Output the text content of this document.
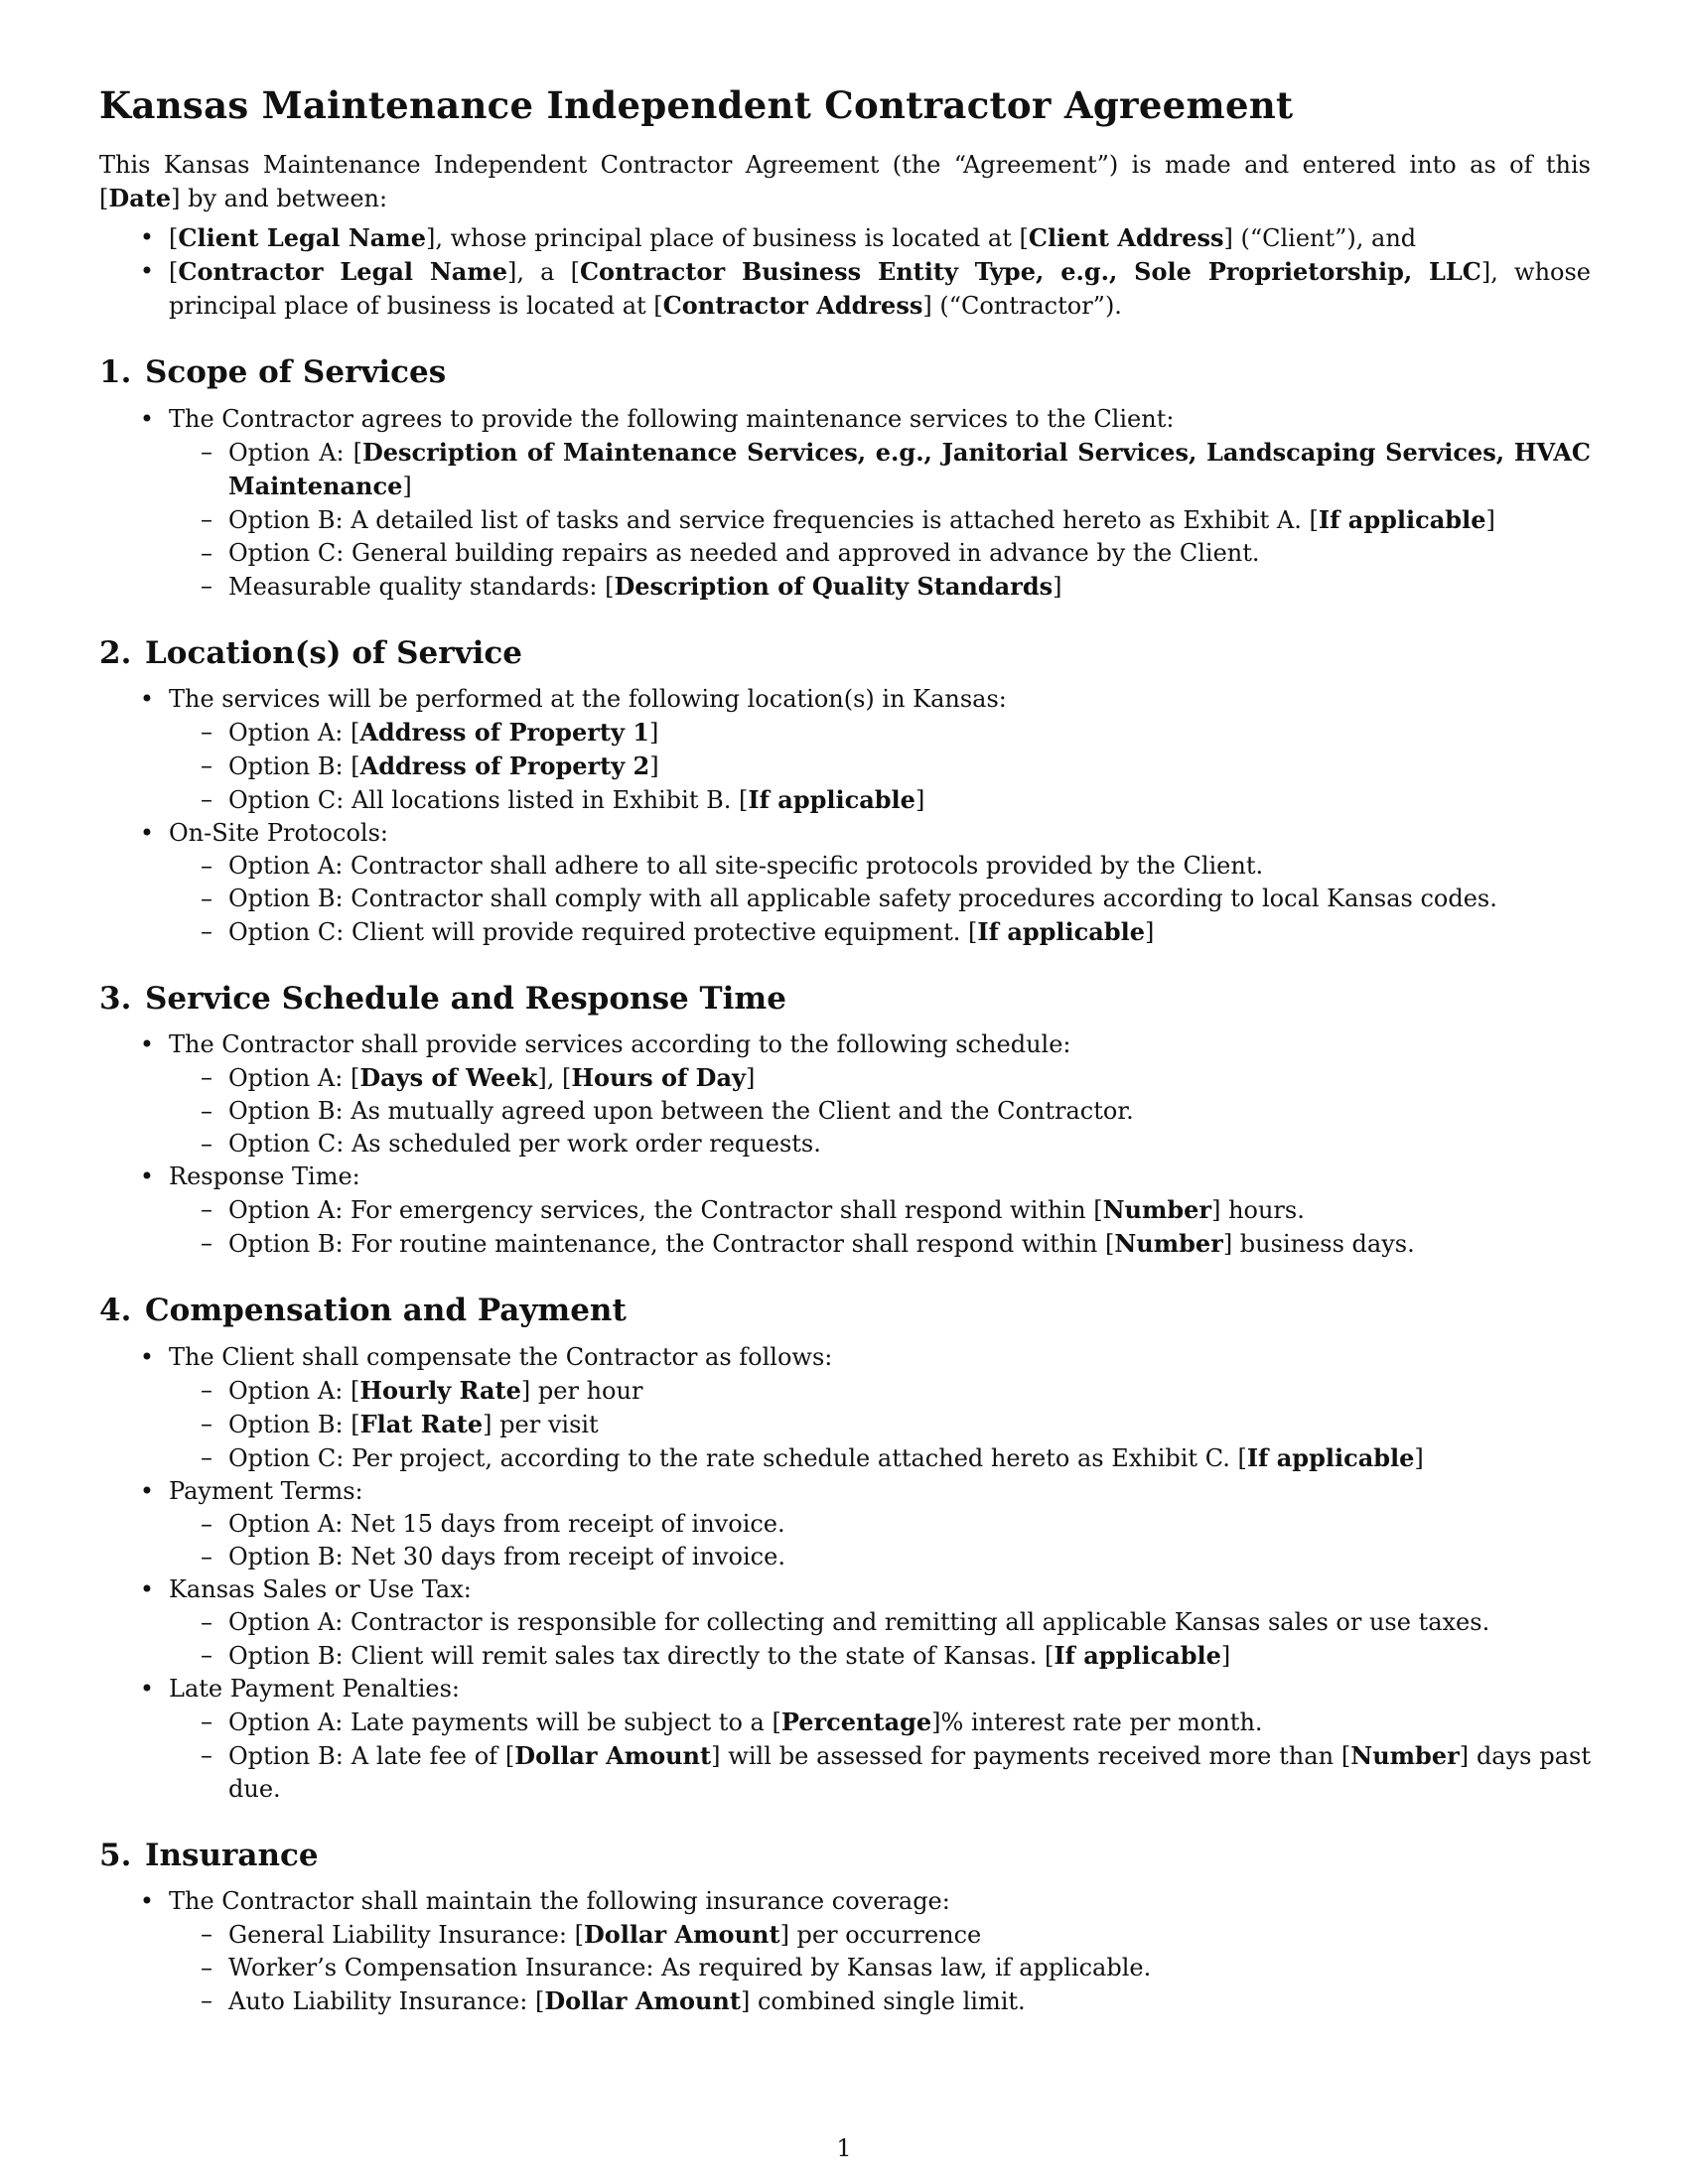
Kansas Maintenance Independent Contractor Agreement

This Kansas Maintenance Independent Contractor Agreement (the “Agreement”) is made and entered into as of this [Date] by and between:

• [Client Legal Name], whose principal place of business is located at [Client Address] (“Client”), and
• [Contractor Legal Name], a [Contractor Business Entity Type, e.g., Sole Proprietorship, LLC], whose principal place of business is located at [Contractor Address] (“Contractor”).
1. Scope of Services
• The Contractor agrees to provide the following maintenance services to the Client:
– Option A: [Description of Maintenance Services, e.g., Janitorial Services, Landscaping Services, HVAC Maintenance]
– Option B: A detailed list of tasks and service frequencies is attached hereto as Exhibit A. [If applicable]
– Option C: General building repairs as needed and approved in advance by the Client.
– Measurable quality standards: [Description of Quality Standards]
2. Location(s) of Service
• The services will be performed at the following location(s) in Kansas:
– Option A: [Address of Property 1]
– Option B: [Address of Property 2]
– Option C: All locations listed in Exhibit B. [If applicable]
• On-Site Protocols:
– Option A: Contractor shall adhere to all site-specific protocols provided by the Client.
– Option B: Contractor shall comply with all applicable safety procedures according to local Kansas codes.
– Option C: Client will provide required protective equipment. [If applicable]
3. Service Schedule and Response Time
• The Contractor shall provide services according to the following schedule:
– Option A: [Days of Week], [Hours of Day]
– Option B: As mutually agreed upon between the Client and the Contractor.
– Option C: As scheduled per work order requests.
• Response Time:
– Option A: For emergency services, the Contractor shall respond within [Number] hours.
– Option B: For routine maintenance, the Contractor shall respond within [Number] business days.
4. Compensation and Payment
• The Client shall compensate the Contractor as follows:
– Option A: [Hourly Rate] per hour
– Option B: [Flat Rate] per visit
– Option C: Per project, according to the rate schedule attached hereto as Exhibit C. [If applicable]
• Payment Terms:
– Option A: Net 15 days from receipt of invoice.
– Option B: Net 30 days from receipt of invoice.
• Kansas Sales or Use Tax:
– Option A: Contractor is responsible for collecting and remitting all applicable Kansas sales or use taxes.
– Option B: Client will remit sales tax directly to the state of Kansas. [If applicable]
• Late Payment Penalties:
– Option A: Late payments will be subject to a [Percentage]% interest rate per month.
– Option B: A late fee of [Dollar Amount] will be assessed for payments received more than [Number] days past due.
5. Insurance
• The Contractor shall maintain the following insurance coverage:
– General Liability Insurance: [Dollar Amount] per occurrence
– Worker’s Compensation Insurance: As required by Kansas law, if applicable.
– Auto Liability Insurance: [Dollar Amount] combined single limit.
1
